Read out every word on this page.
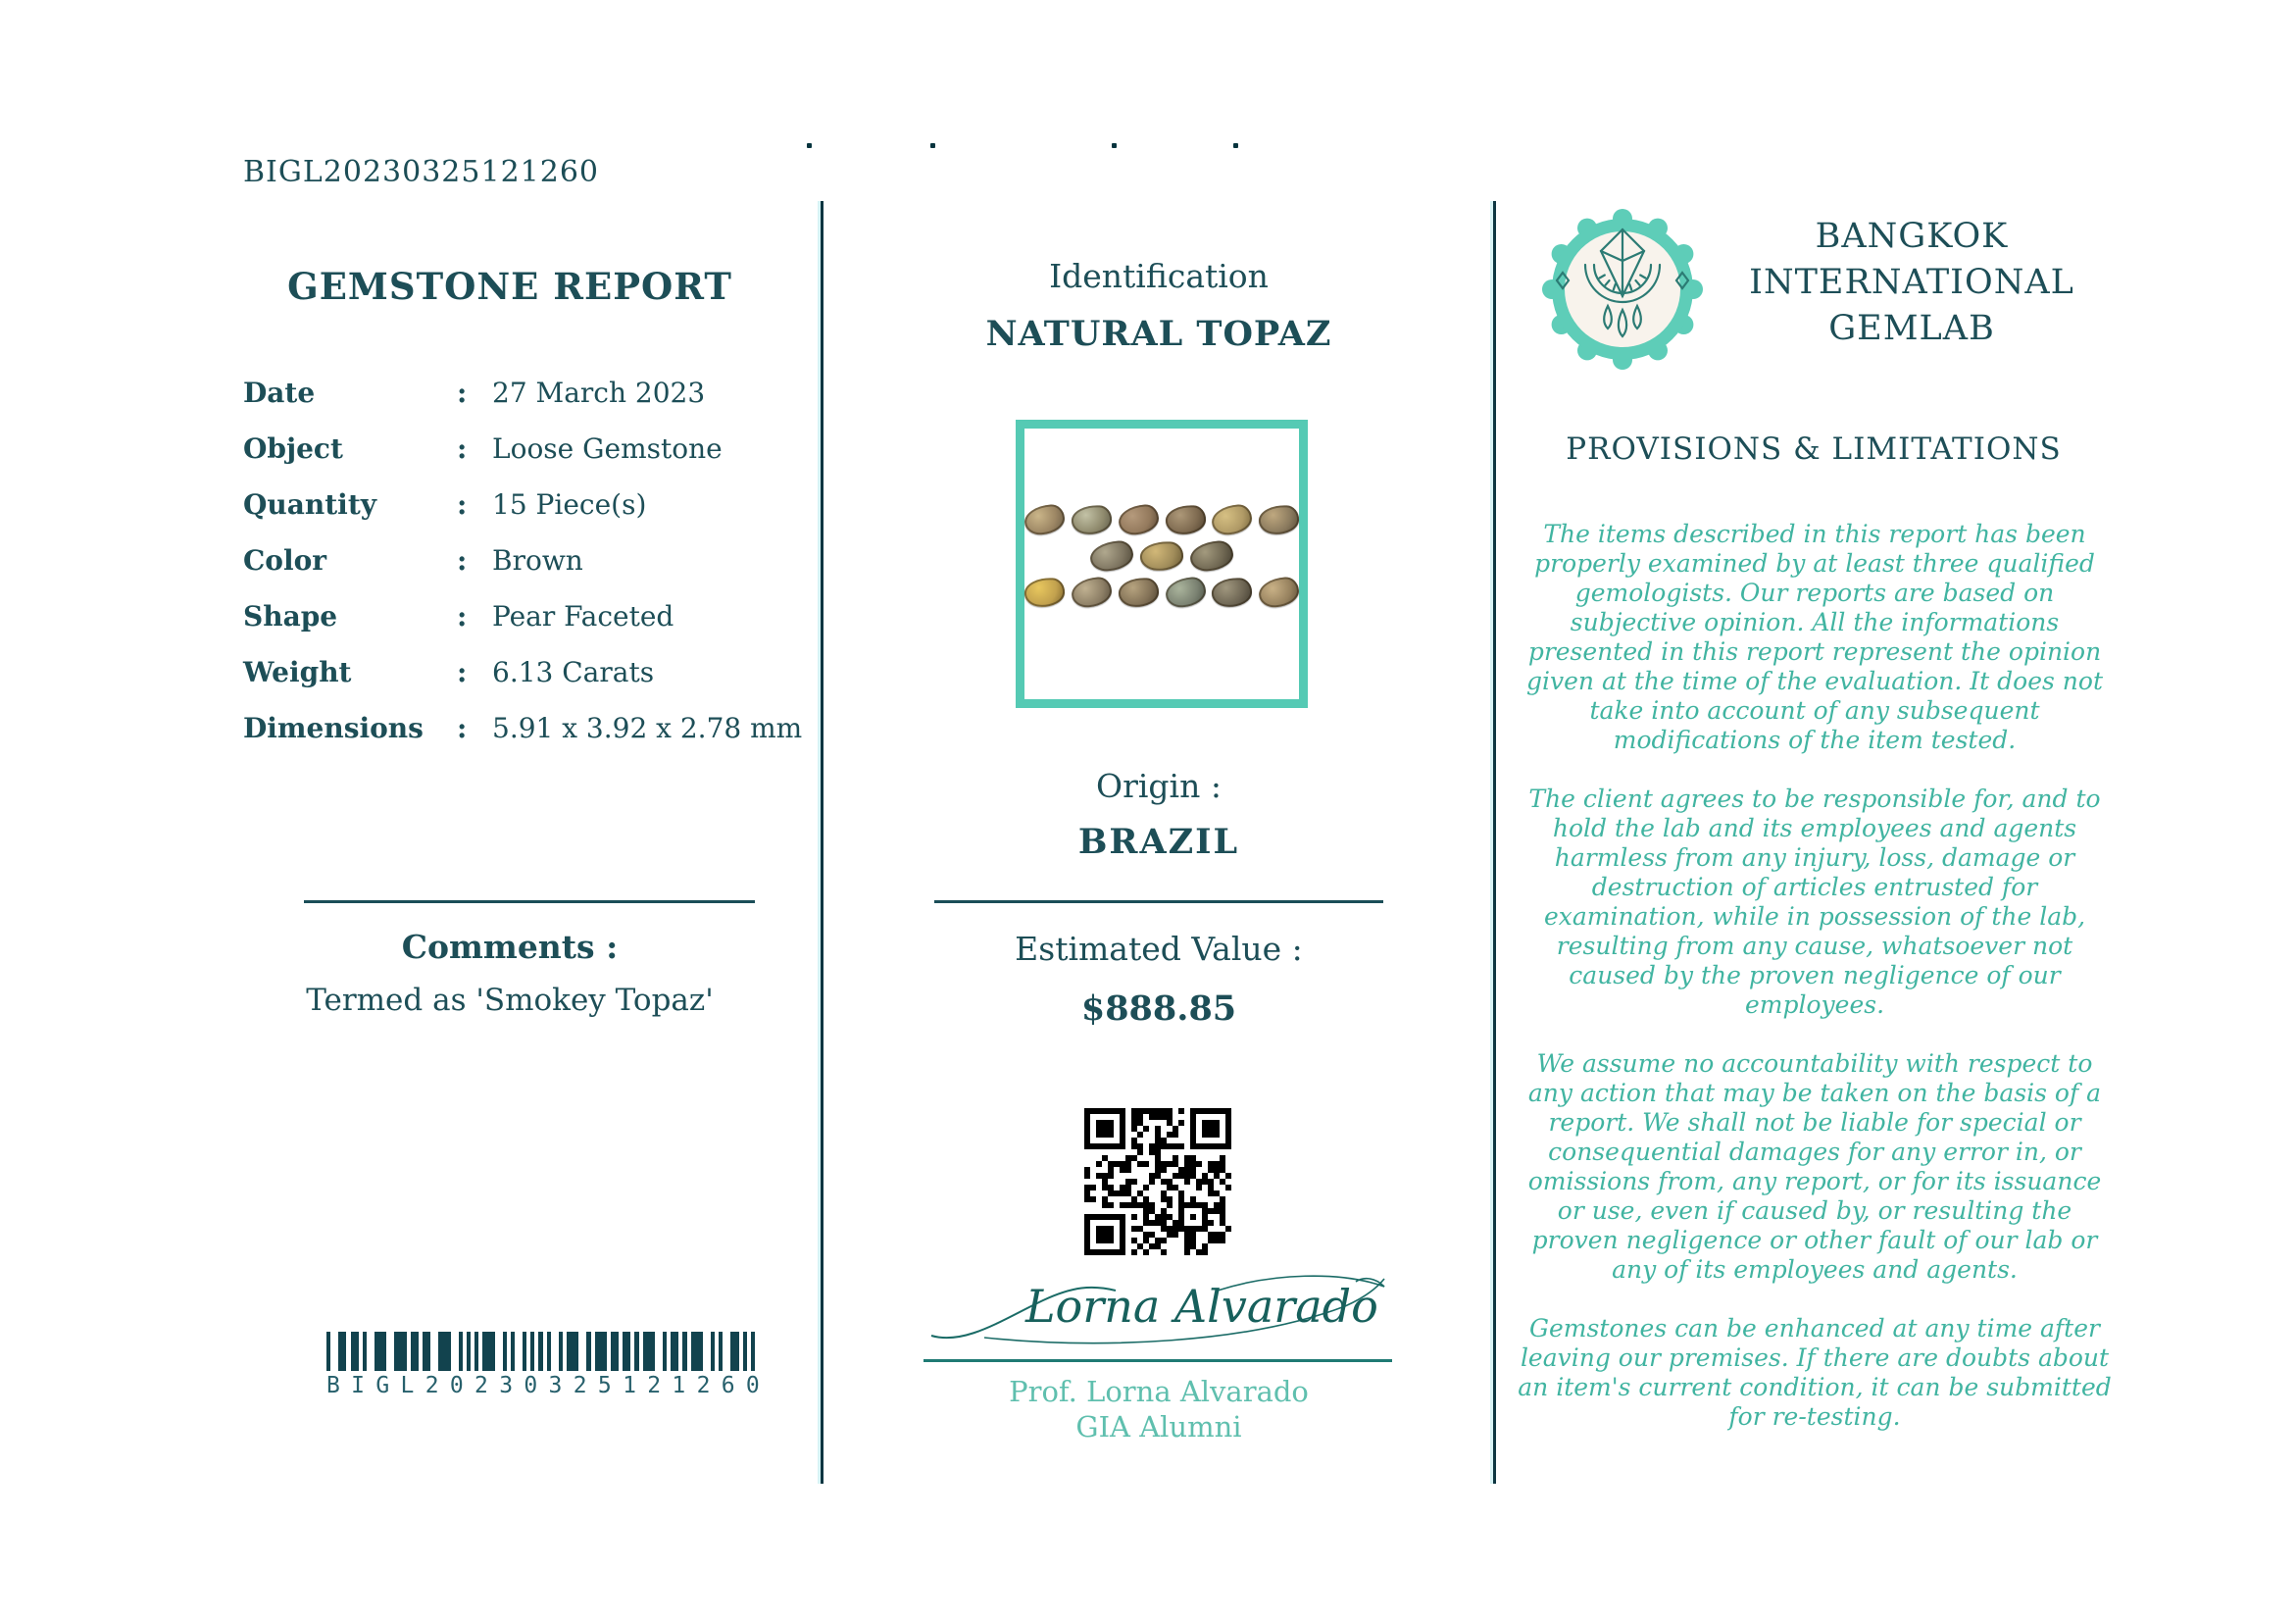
BIGL20230325121260
GEMSTONE REPORT
Date	: 27 March 2023
Object	: Loose Gemstone
Quantity	: 15 Piece(s)
Color	: Brown
Shape	: Pear Faceted
Weight	: 6.13 Carats
Dimensions	: 5.91 x 3.92 x 2.78 mm
Comments :
Termed as 'Smokey Topaz'
B I G L 2 0 2 3 0 3 2 5 1 2 1 2 6 0
Identification
NATURAL TOPAZ
Origin :
BRAZIL
Estimated Value :
$888.85
Lorna Alvarado
Prof. Lorna Alvarado
GIA Alumni
BANGKOK
INTERNATIONAL
GEMLAB
PROVISIONS & LIMITATIONS

The items described in this report has been properly examined by at least three qualified gemologists. Our reports are based on subjective opinion. All the informations presented in this report represent the opinion given at the time of the evaluation. It does not take into account of any subsequent modifications of the item tested.

The client agrees to be responsible for, and to hold the lab and its employees and agents harmless from any injury, loss, damage or destruction of articles entrusted for examination, while in possession of the lab, resulting from any cause, whatsoever not caused by the proven negligence of our employees.

We assume no accountability with respect to any action that may be taken on the basis of a report. We shall not be liable for special or consequential damages for any error in, or omissions from, any report, or for its issuance or use, even if caused by, or resulting the proven negligence or other fault of our lab or any of its employees and agents.

Gemstones can be enhanced at any time after leaving our premises. If there are doubts about an item's current condition, it can be submitted for re-testing.
